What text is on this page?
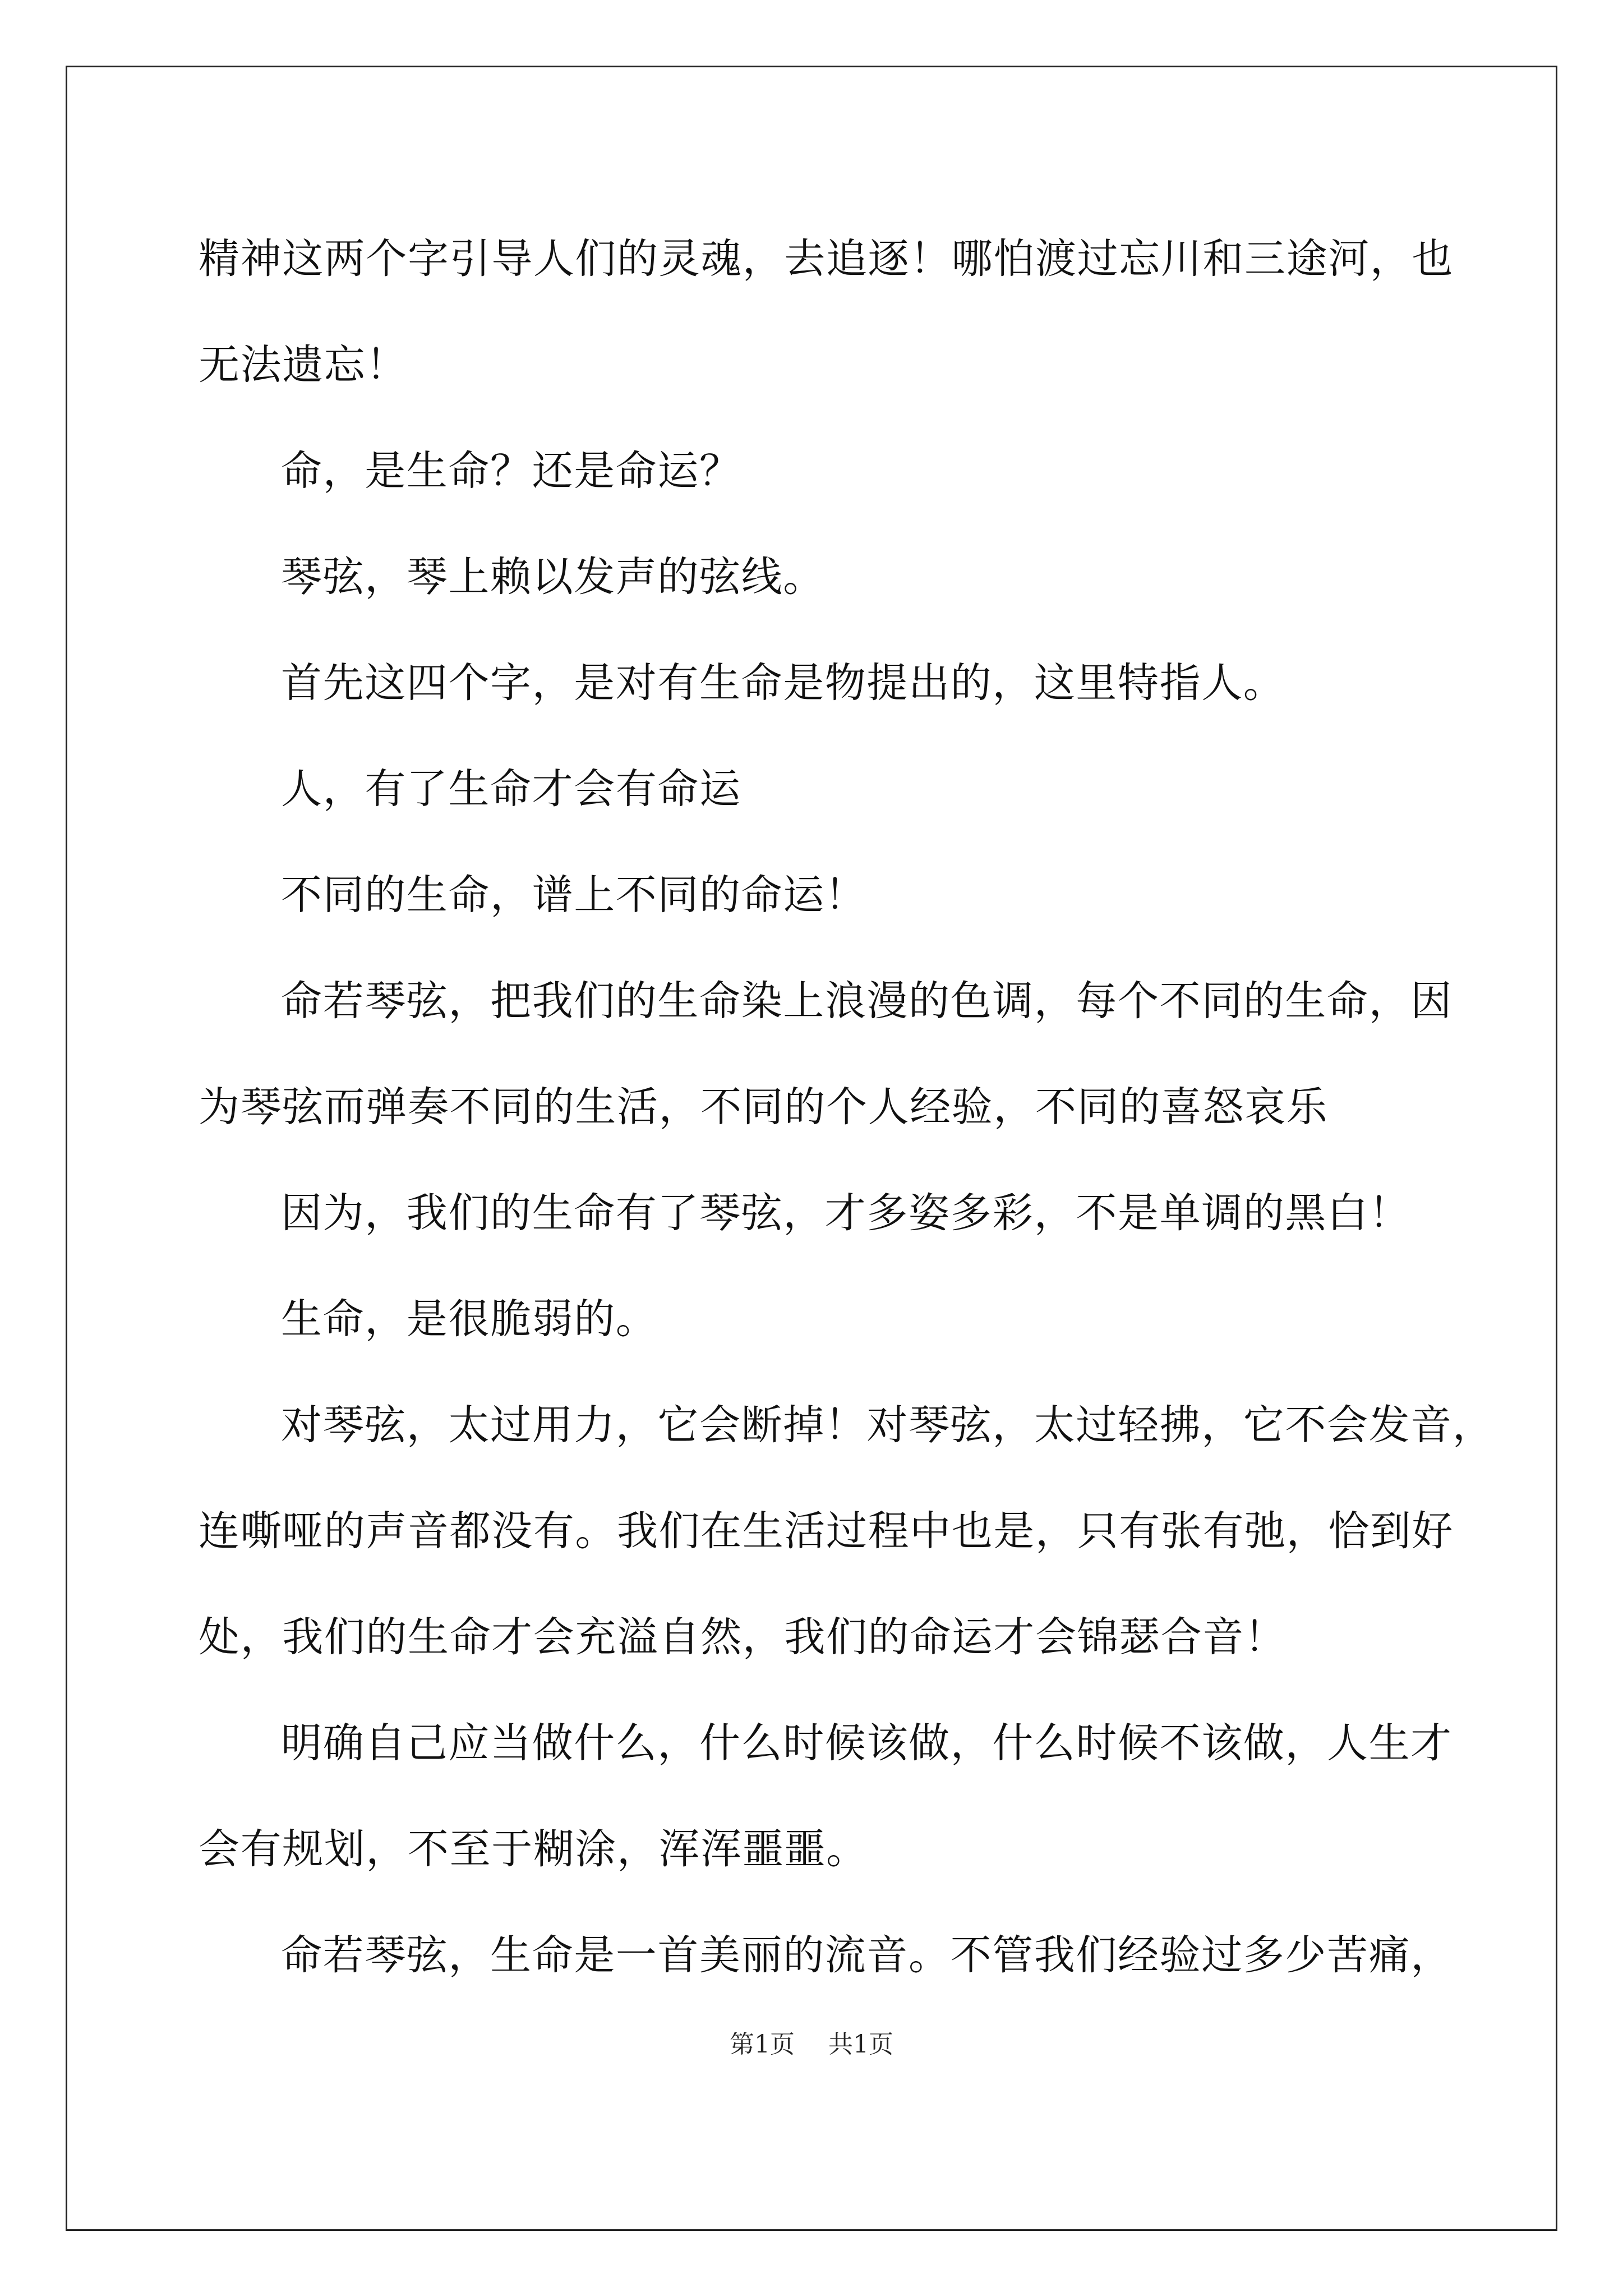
精神这两个字引导人们的灵魂，去追逐！哪怕渡过忘川和三途河，也
无法遗忘！
命，是生命？还是命运？
琴弦，琴上赖以发声的弦线。
首先这四个字，是对有生命是物提出的，这里特指人。
人，有了生命才会有命运
不同的生命，谱上不同的命运！
命若琴弦，把我们的生命染上浪漫的色调，每个不同的生命，因
为琴弦而弹奏不同的生活，不同的个人经验，不同的喜怒哀乐
因为，我们的生命有了琴弦，才多姿多彩，不是单调的黑白！
生命，是很脆弱的。
对琴弦，太过用力，它会断掉！对琴弦，太过轻拂，它不会发音，
连嘶哑的声音都没有。我们在生活过程中也是，只有张有弛，恰到好
处，我们的生命才会充溢自然，我们的命运才会锦瑟合音！
明确自己应当做什么，什么时候该做，什么时候不该做，人生才
会有规划，不至于糊涂，浑浑噩噩。
命若琴弦，生命是一首美丽的流音。不管我们经验过多少苦痛，
第1页 共1页
